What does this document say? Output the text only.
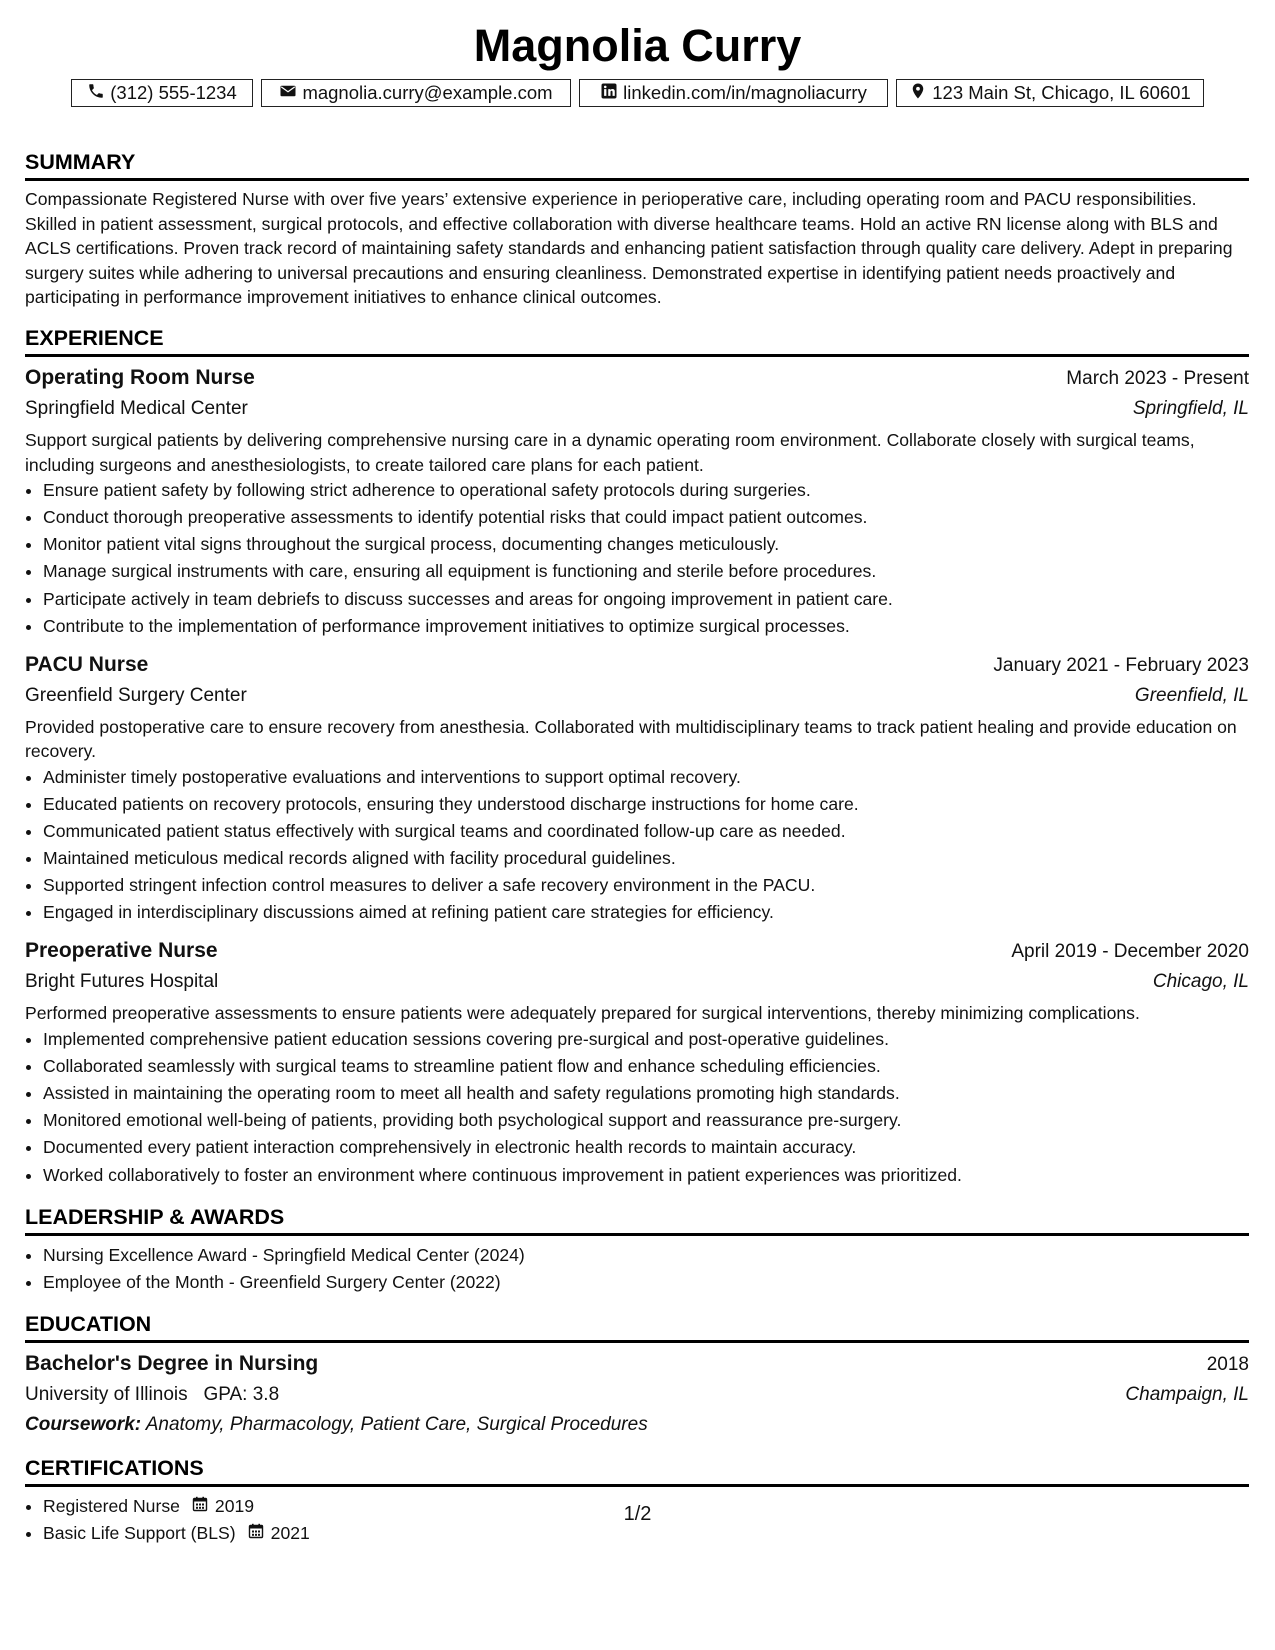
Magnolia Curry
(312) 555-1234	magnolia.curry@example.com	linkedin.com/in/magnoliacurry	123 Main St, Chicago, IL 60601
SUMMARY

Compassionate Registered Nurse with over five years’ extensive experience in perioperative care, including operating room and PACU responsibilities. Skilled in patient assessment, surgical protocols, and effective collaboration with diverse healthcare teams. Hold an active RN license along with BLS and ACLS certifications. Proven track record of maintaining safety standards and enhancing patient satisfaction through quality care delivery. Adept in preparing surgery suites while adhering to universal precautions and ensuring cleanliness. Demonstrated expertise in identifying patient needs proactively and participating in performance improvement initiatives to enhance clinical outcomes.

EXPERIENCE
Operating Room Nurse	March 2023 - Present
Springfield Medical Center	Springfield, IL

Support surgical patients by delivering comprehensive nursing care in a dynamic operating room environment. Collaborate closely with surgical teams, including surgeons and anesthesiologists, to create tailored care plans for each patient.

• Ensure patient safety by following strict adherence to operational safety protocols during surgeries.
• Conduct thorough preoperative assessments to identify potential risks that could impact patient outcomes.
• Monitor patient vital signs throughout the surgical process, documenting changes meticulously.
• Manage surgical instruments with care, ensuring all equipment is functioning and sterile before procedures.
• Participate actively in team debriefs to discuss successes and areas for ongoing improvement in patient care.
• Contribute to the implementation of performance improvement initiatives to optimize surgical processes.
PACU Nurse	January 2021 - February 2023
Greenfield Surgery Center	Greenfield, IL

Provided postoperative care to ensure recovery from anesthesia. Collaborated with multidisciplinary teams to track patient healing and provide education on recovery.

• Administer timely postoperative evaluations and interventions to support optimal recovery.
• Educated patients on recovery protocols, ensuring they understood discharge instructions for home care.
• Communicated patient status effectively with surgical teams and coordinated follow-up care as needed.
• Maintained meticulous medical records aligned with facility procedural guidelines.
• Supported stringent infection control measures to deliver a safe recovery environment in the PACU.
• Engaged in interdisciplinary discussions aimed at refining patient care strategies for efficiency.
Preoperative Nurse	April 2019 - December 2020
Bright Futures Hospital	Chicago, IL

Performed preoperative assessments to ensure patients were adequately prepared for surgical interventions, thereby minimizing complications.

• Implemented comprehensive patient education sessions covering pre-surgical and post-operative guidelines.
• Collaborated seamlessly with surgical teams to streamline patient flow and enhance scheduling efficiencies.
• Assisted in maintaining the operating room to meet all health and safety regulations promoting high standards.
• Monitored emotional well-being of patients, providing both psychological support and reassurance pre-surgery.
• Documented every patient interaction comprehensively in electronic health records to maintain accuracy.
• Worked collaboratively to foster an environment where continuous improvement in patient experiences was prioritized.
LEADERSHIP & AWARDS
• Nursing Excellence Award - Springfield Medical Center (2024)
• Employee of the Month - Greenfield Surgery Center (2022)
EDUCATION
Bachelor's Degree in Nursing	2018
University of Illinois GPA: 3.8	Champaign, IL
Coursework: Anatomy, Pharmacology, Patient Care, Surgical Procedures
CERTIFICATIONS
• Registered Nurse 2019
• Basic Life Support (BLS) 2021
1/2
